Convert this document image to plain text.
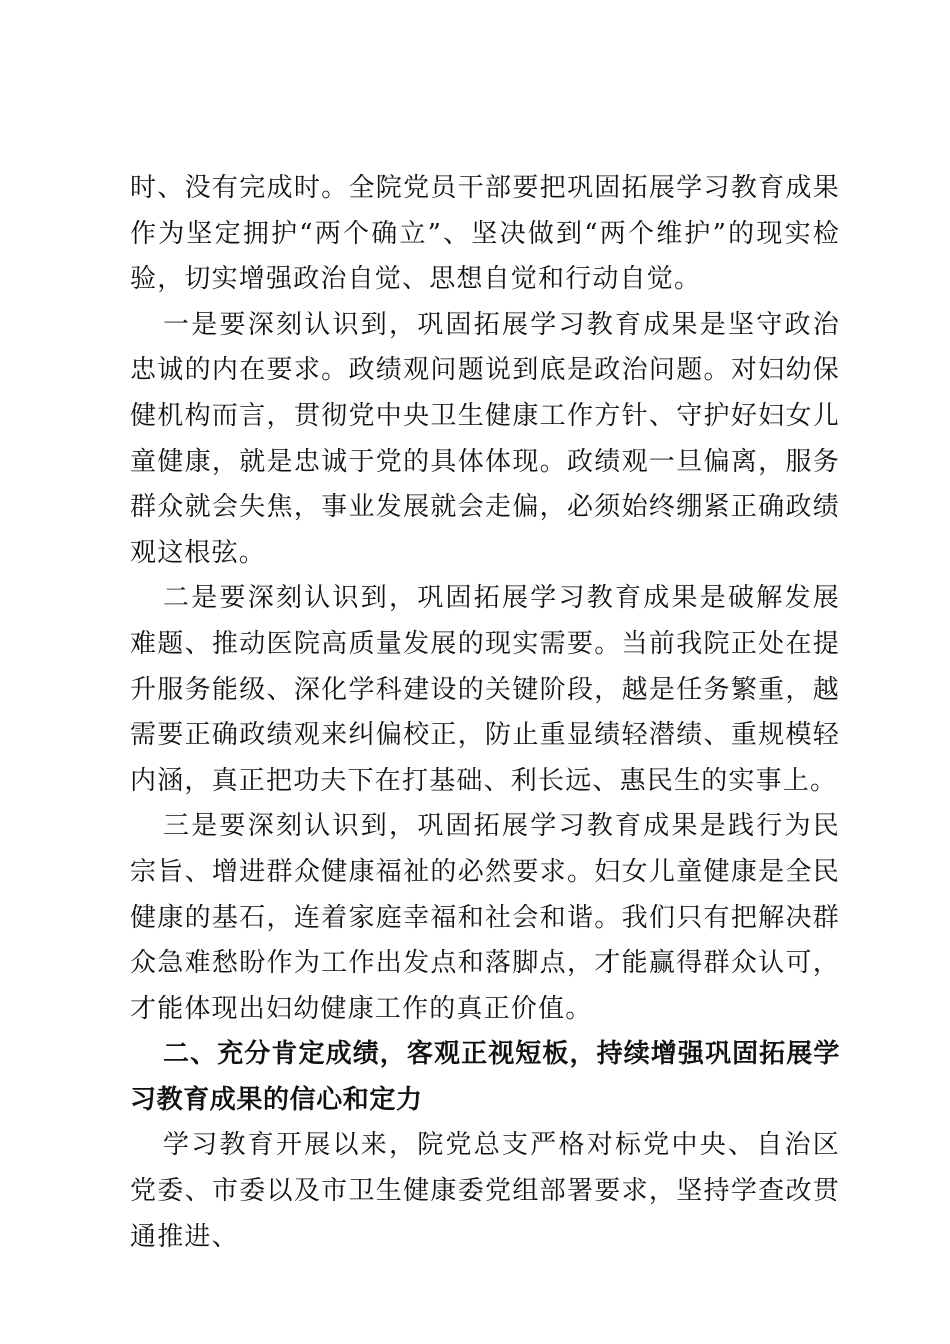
时、没有完成时。全院党员干部要把巩固拓展学习教育成果作为坚定拥护“两个确立”、坚决做到“两个维护”的现实检验，切实增强政治自觉、思想自觉和行动自觉。

一是要深刻认识到，巩固拓展学习教育成果是坚守政治忠诚的内在要求。政绩观问题说到底是政治问题。对妇幼保健机构而言，贯彻党中央卫生健康工作方针、守护好妇女儿童健康，就是忠诚于党的具体体现。政绩观一旦偏离，服务群众就会失焦，事业发展就会走偏，必须始终绷紧正确政绩观这根弦。

二是要深刻认识到，巩固拓展学习教育成果是破解发展难题、推动医院高质量发展的现实需要。当前我院正处在提升服务能级、深化学科建设的关键阶段，越是任务繁重，越需要正确政绩观来纠偏校正，防止重显绩轻潜绩、重规模轻内涵，真正把功夫下在打基础、利长远、惠民生的实事上。

三是要深刻认识到，巩固拓展学习教育成果是践行为民宗旨、增进群众健康福祉的必然要求。妇女儿童健康是全民健康的基石，连着家庭幸福和社会和谐。我们只有把解决群众急难愁盼作为工作出发点和落脚点，才能赢得群众认可，才能体现出妇幼健康工作的真正价值。

二、充分肯定成绩，客观正视短板，持续增强巩固拓展学习教育成果的信心和定力

学习教育开展以来，院党总支严格对标党中央、自治区党委、市委以及市卫生健康委党组部署要求，坚持学查改贯通推进、
